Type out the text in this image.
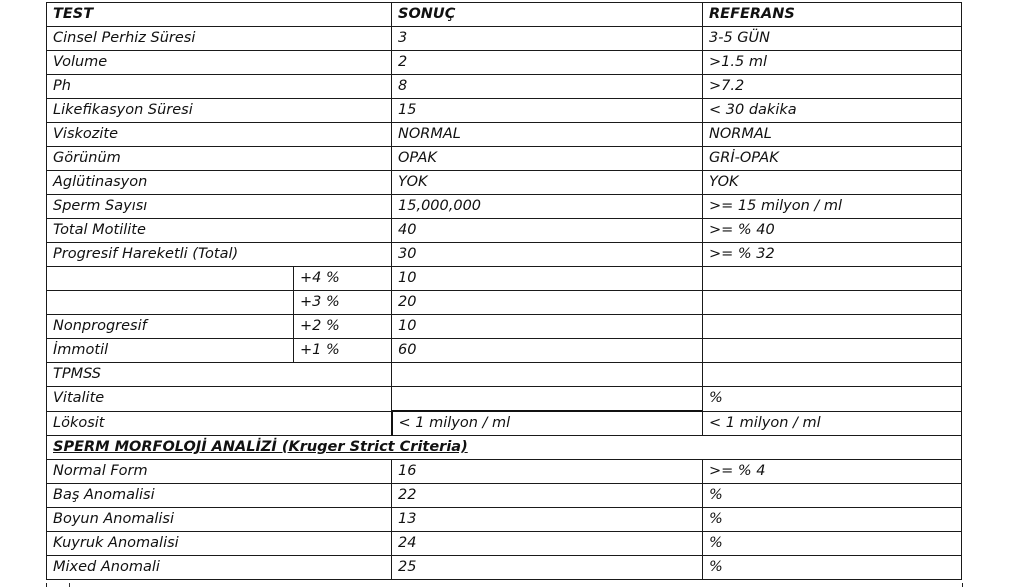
TEST		SONUÇ	REFERANS
Cinsel Perhiz Süresi		3	3-5 GÜN
Volume		2	>1.5 ml
Ph		8	>7.2
Likefikasyon Süresi		15	< 30 dakika
Viskozite		NORMAL	NORMAL
Görünüm		OPAK	GRİ-OPAK
Aglütinasyon		YOK	YOK
Sperm Sayısı		15,000,000	>= 15 milyon / ml
Total Motilite		40	>= % 40
Progresif Hareketli (Total)		30	>= % 32
	+4 %	10	
	+3 %	20	
Nonprogresif	+2 %	10	
İmmotil	+1 %	60	
TPMSS			
Vitalite			%
Lökosit		< 1 milyon / ml	< 1 milyon / ml
SPERM MORFOLOJİ ANALİZİ (Kruger Strict Criteria)			
Normal Form		16	>= % 4
Baş Anomalisi		22	%
Boyun Anomalisi		13	%
Kuyruk Anomalisi		24	%
Mixed Anomali		25	%
